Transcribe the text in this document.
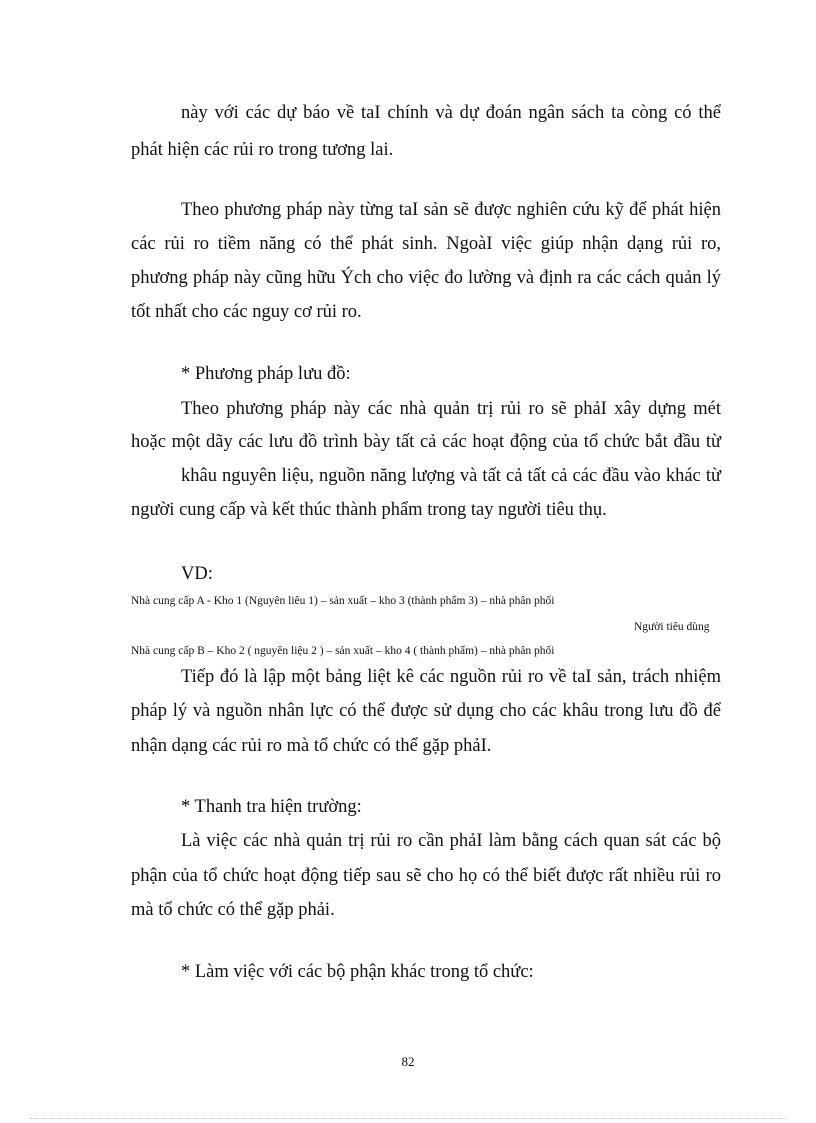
này với các dự báo về taI chính và dự đoán ngân sách ta còng có thể
phát hiện các rủi ro trong tương lai.
Theo phương pháp này từng taI sản sẽ được nghiên cứu kỹ để phát hiện
các rủi ro tiềm năng có thể phát sinh. NgoàI việc giúp nhận dạng rủi ro,
phương pháp này cũng hữu Ých cho việc đo lường và định ra các cách quản lý
tốt nhất cho các nguy cơ rủi ro.
* Phương pháp lưu đồ:
Theo phương pháp này các nhà quản trị rủi ro sẽ phảI xây dựng mét
hoặc một dãy các lưu đồ trình bày tất cả các hoạt động của tổ chức bắt đầu từ
khâu nguyên liệu, nguồn năng lượng và tất cả tất cả các đầu vào khác từ
người cung cấp và kết thúc thành phẩm trong tay người tiêu thụ.
VD:
Nhà cung cấp A - Kho 1 (Nguyên liêu 1) – sản xuất – kho 3 (thành phẩm 3) – nhà phân phối
Người tiêu dùng
Nhà cung cấp B – Kho 2 ( nguyên liệu 2 ) – sản xuất – kho 4 ( thành phẩm) – nhà phân phối
Tiếp đó là lập một bảng liệt kê các nguồn rủi ro về taI sản, trách nhiệm
pháp lý và nguồn nhân lực có thể được sử dụng cho các khâu trong lưu đồ để
nhận dạng các rủi ro mà tổ chức có thể gặp phảI.
* Thanh tra hiện trường:
Là việc các nhà quản trị rủi ro cần phảI làm bằng cách quan sát các bộ
phận của tổ chức hoạt động tiếp sau sẽ cho họ có thể biết được rất nhiều rủi ro
mà tổ chức có thể gặp phải.
* Làm việc với các bộ phận khác trong tổ chức:
82
